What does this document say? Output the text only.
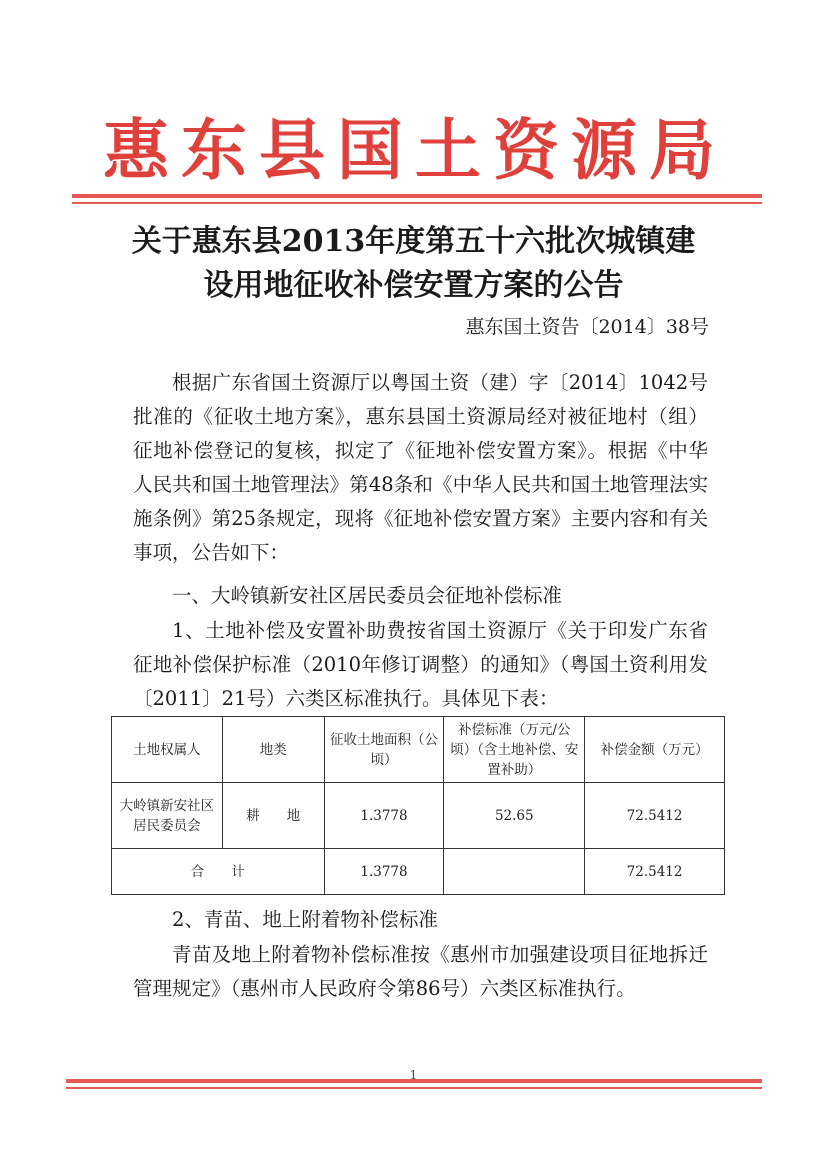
惠东县国土资源局
关于惠东县2013年度第五十六批次城镇建
设用地征收补偿安置方案的公告
惠东国土资告〔2014〕38号

根据广东省国土资源厅以粤国土资（建）字〔2014〕1042号批准的《征收土地方案》，惠东县国土资源局经对被征地村（组）征地补偿登记的复核，拟定了《征地补偿安置方案》。根据《中华人民共和国土地管理法》第48条和《中华人民共和国土地管理法实施条例》第25条规定，现将《征地补偿安置方案》主要内容和有关事项，公告如下：

一、大岭镇新安社区居民委员会征地补偿标准

1、土地补偿及安置补助费按省国土资源厅《关于印发广东省征地补偿保护标准（2010年修订调整）的通知》（粤国土资利用发〔2011〕21号）六类区标准执行。具体见下表：

土地权属人	地类	征收土地面积（公顷）	补偿标准（万元/公顷）（含土地补偿、安置补助）	补偿金额（万元）
大岭镇新安社区居民委员会	耕　　地	1.3778	52.65	72.5412
合　　计		1.3778		72.5412
2、青苗、地上附着物补偿标准

青苗及地上附着物补偿标准按《惠州市加强建设项目征地拆迁管理规定》（惠州市人民政府令第86号）六类区标准执行。

1
